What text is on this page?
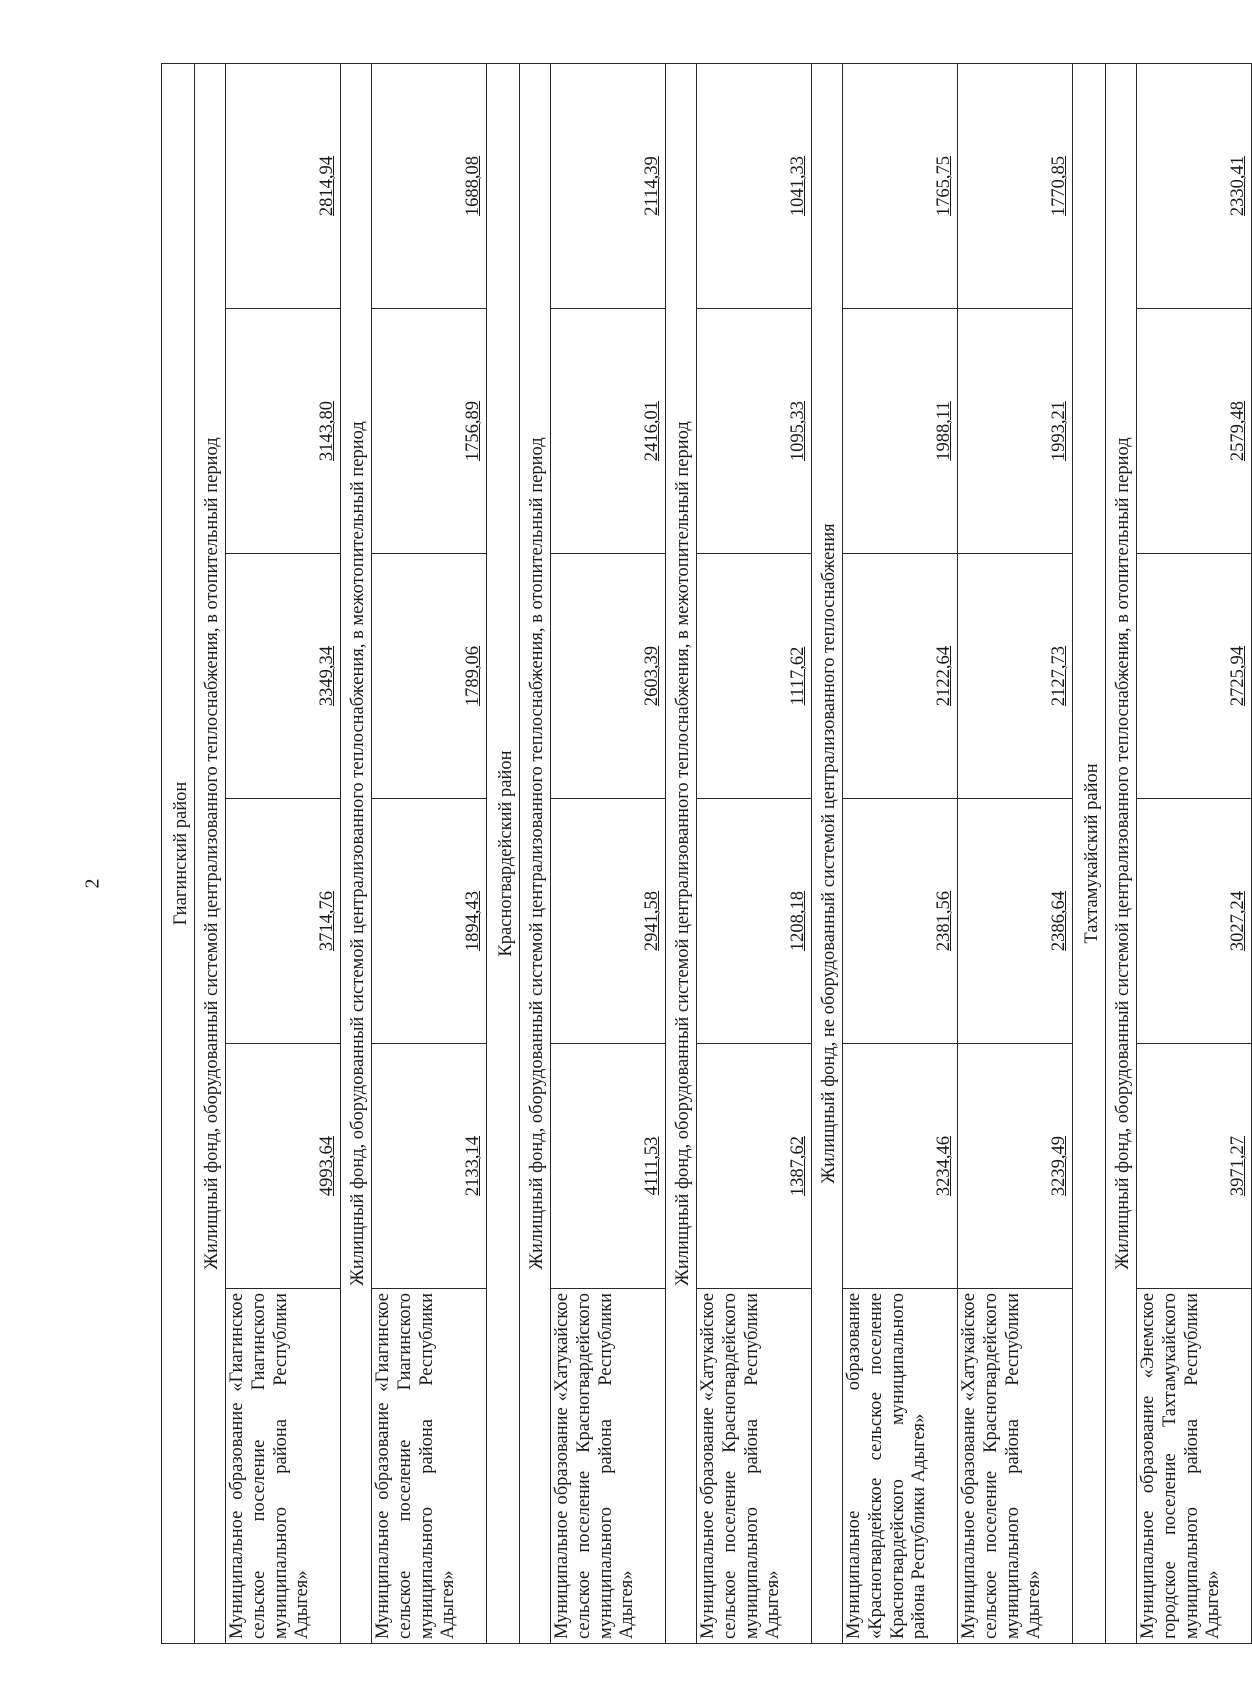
2	Гиагинский район					
Жилищный фонд, оборудованный системой централизованного теплоснабжения, в отопительный период					
Муниципальное образование «Гиагинское сельское поселение Гиагинского муниципального района Республики Адыгея»	4993,64	3714,76	3349,34	3143,80	2814,94
Жилищный фонд, оборудованный системой централизованного теплоснабжения, в межотопительный период					
Муниципальное образование «Гиагинское сельское поселение Гиагинского муниципального района Республики Адыгея»	2133,14	1894,43	1789,06	1756,89	1688,08
Красногвардейский район					
Жилищный фонд, оборудованный системой централизованного теплоснабжения, в отопительный период					
Муниципальное образование «Хатукайское сельское поселение Красногвардейского муниципального района Республики Адыгея»	4111,53	2941,58	2603,39	2416,01	2114,39
Жилищный фонд, оборудованный системой централизованного теплоснабжения, в межотопительный период					
Муниципальное образование «Хатукайское сельское поселение Красногвардейского муниципального района Республики Адыгея»	1387,62	1208,18	1117,62	1095,33	1041,33
Жилищный фонд, не оборудованный системой централизованного теплоснабжения					
Муниципальное образование «Красногвардейское сельское поселение Красногвардейского муниципального района Республики Адыгея»	3234,46	2381,56	2122,64	1988,11	1765,75
Муниципальное образование «Хатукайское сельское поселение Красногвардейского муниципального района Республики Адыгея»	3239,49	2386,64	2127,73	1993,21	1770,85
Тахтамукайский район					
Жилищный фонд, оборудованный системой централизованного теплоснабжения, в отопительный период					
Муниципальное образование «Энемское городское поселение Тахтамукайского муниципального района Республики Адыгея»	3971,27	3027,24	2725,94	2579,48	2330,41
